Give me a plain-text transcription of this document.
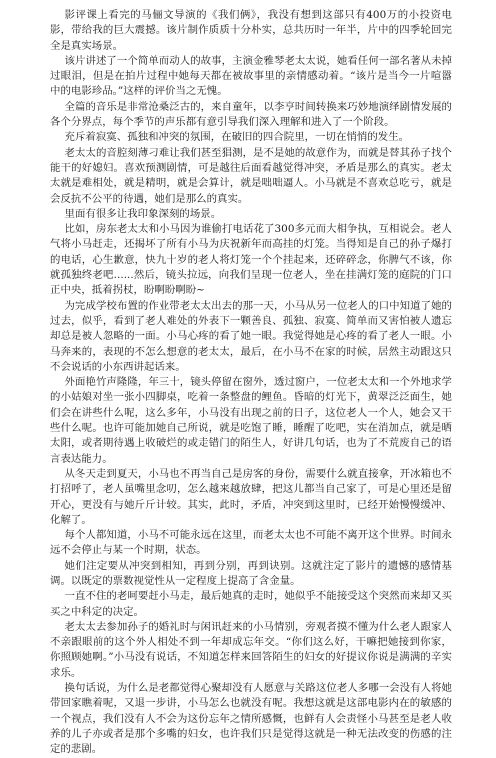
影评课上看完的马俪文导演的《我们俩》，我没有想到这部只有400万的小投资电影，带给我的巨大震撼。该片制作质质十分朴实，总共历时一年半，片中的四季轮回完全是真实场景。

该片讲述了一个简单而动人的故事，主演金雅琴老太太说，她看任何一部名著从未掉过眼泪，但是在拍片过程中她每天都在被故事里的亲情感动着。“该片是当今一片喧嚣中的电影珍品。”这样的评价当之无愧。

全篇的音乐是非常沧桑泛古的，来自童年，以李亨时间转换来巧妙地演绎剧情发展的各个分界点，每个季节的声乐都有意引导我们深入理解和进入了一个阶段。

充斥着寂寞、孤独和冲突的氛围，在破旧的四合院里，一切在悄悄的发生。

老太太的音腔刻薄刁难让我们甚至猖测，是不是她的故意作为，而就是替其孙子找个能干的好媳妇。喜欢预测剧情，可是越往后面看越觉得冲突，矛盾是那么的真实。老太太就是难相处，就是精明，就是会算计，就是咄咄逼人。小马就是不喜欢总吃亏，就是会反抗不公平的待遇，她们是那么的真实。

里面有很多让我印象深刻的场景。

比如，房东老太太和小马因为谁偷打电话花了300多元而大相争执，互相说会。老人气将小马赶走，还揭坏了所有小马为庆祝新年而高挂的灯笼。当得知是自己的孙子爆打的电话，心生歉意，快九十岁的老人将灯笼一个个挂起来，还碎碎念，你脾气不该，你就孤独终老吧......然后，镜头拉远，向我们呈现一位老人，坐在挂满灯笼的庭院的门口正中央，抵着拐杖，盼啊盼啊盼~

为完成学校布置的作业带老太太出去的那一天，小马从另一位老人的口中知道了她的过去，似乎，看到了老人难处的外表下一颗善良、孤独、寂寞、简单而又害怕被人遗忘却总是被人忽略的一面。小马心疼的看了她一眼。我觉得她是心疼的看了老人一眼。小马奔来的，表现的不怎么想意的老太太，最后，在小马不在家的时候，居然主动跟这只不会说话的小东西讲起话来。

外面艳竹声隆隆，年三十，镜头停留在窗外，透过窗户，一位老太太和一个外地求学的小姑娘对坐一张小四脚桌，吃着一条整盘的鲤鱼。昏暗的灯光下，黄翠泛泛面生，她们会在讲些什么呢，这么多年，小马没有出现之前的日子，这位老人一个人，她会又干些什么呢。也许可能加她自己所说，就是吃饱了睡，睡醒了吃吧，实在消加点，就是晒太阳，或者期待遇上收破烂的或走错门的陌生人，好讲几句话，也为了不荒废自己的语言表达能力。

从冬天走到夏天，小马也不再当自己是房客的身份，需要什么就直接拿，开冰箱也不打招呼了，老人虽嘴里念叨，怎么越来越放肆，把这儿都当自己家了，可是心里还是留开心，更没有与她斤斤计较。其实，此时，矛盾，冲突到这里时，已经开始慢慢缓冲、化解了。

每个人都知道，小马不可能永远在这里，而老太太也不可能不离开这个世界。时间永远不会停止与某一个时期，状态。

她们注定要从冲突到相知，再到分别，再到诀别。这就注定了影片的遗憾的感情基调。以既定的票数视觉性从一定程度上提高了含金量。

一直不住的老呵要赶小马走，最后她真的走时，她似乎不能接受这个突然而来却又买买之中科定的决定。

老太太去参加孙子的婚礼时与闲讯赶来的小马情别，旁观者摸不懂为什么老人跟家人不亲跟眼前的这个外人相处不到一年却成忘年交。“你们这么好，干嘛把她接到你家，你照顾她啊。”小马没有说话，不知道怎样来回答陌生的妇女的好提议你说是满满的辛实求乐。

换句话说，为什么是老都觉得心聚却没有人愿意与关路这位老人多哪一会没有人将她带回家瞧着呢，又退一步讲，小马怎么也就没有呢。我想这就是这部电影内在的敏感的一个视点，我们没有人不会为这份忘年之情所感慨，也鲜有人会责怪小马甚至是老人收养的儿子亦或者是那个多嘴的妇女，也许我们只是觉得这就是一种无法改变的伤感的注定的悲剧。
